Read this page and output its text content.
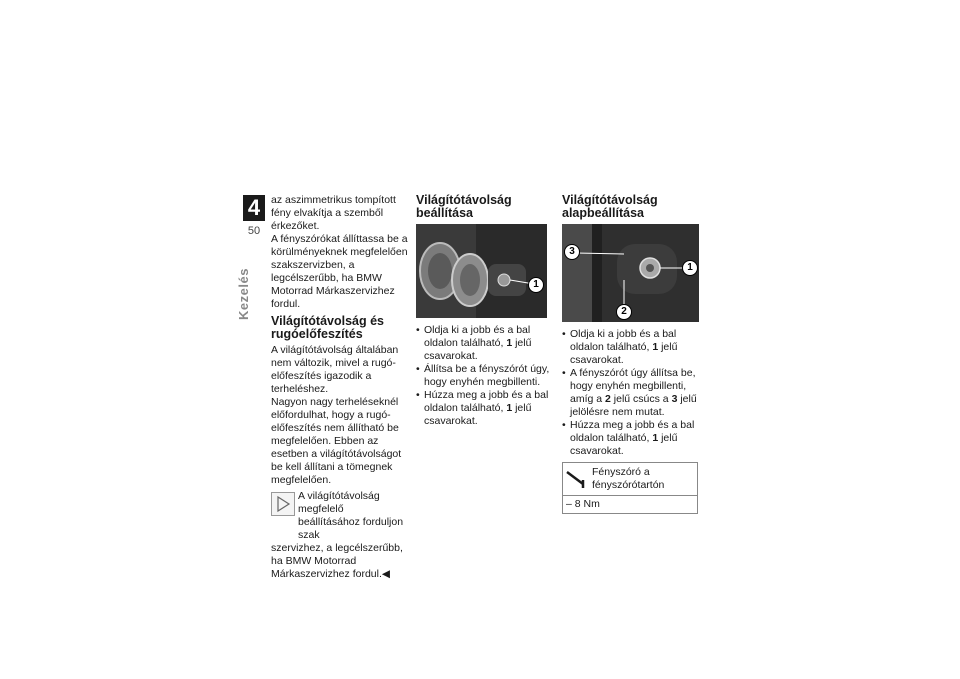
4
50
Kezelés

az aszimmetrikus tompított fény elvakítja a szemből érkezőket.

A fényszórókat állíttassa be a körülményeknek megfelelően szakszervizben, a legcélszerűbb, ha BMW Motorrad Márkaszervizhez fordul.

Világítótávolság és rugóelőfeszítés

A világítótávolság általában nem változik, mivel a rugó-előfeszítés igazodik a terheléshez.

Nagyon nagy terheléseknél előfordulhat, hogy a rugó-előfeszítés nem állítható be megfelelően. Ebben az esetben a világítótávolságot be kell állítani a tömegnek megfelelően.

A világítótávolság megfelelő

beállításához forduljon szak

szervizhez, a legcélszerűbb, ha BMW Motorrad Márkaszervizhez fordul.◀

Világítótávolság beállítása
1
• Oldja ki a jobb és a bal oldalon található, 1 jelű csavarokat.
• Állítsa be a fényszórót úgy, hogy enyhén megbillenti.
• Húzza meg a jobb és a bal oldalon található, 1 jelű csavarokat.
Világítótávolság alapbeállítása
3
1
2
• Oldja ki a jobb és a bal oldalon található, 1 jelű csavarokat.
• A fényszórót úgy állítsa be, hogy enyhén megbillenti, amíg a 2 jelű csúcs a 3 jelű jelölésre nem mutat.
• Húzza meg a jobb és a bal oldalon található, 1 jelű csavarokat.
Fényszóró a fényszórótartón
– 8 Nm
